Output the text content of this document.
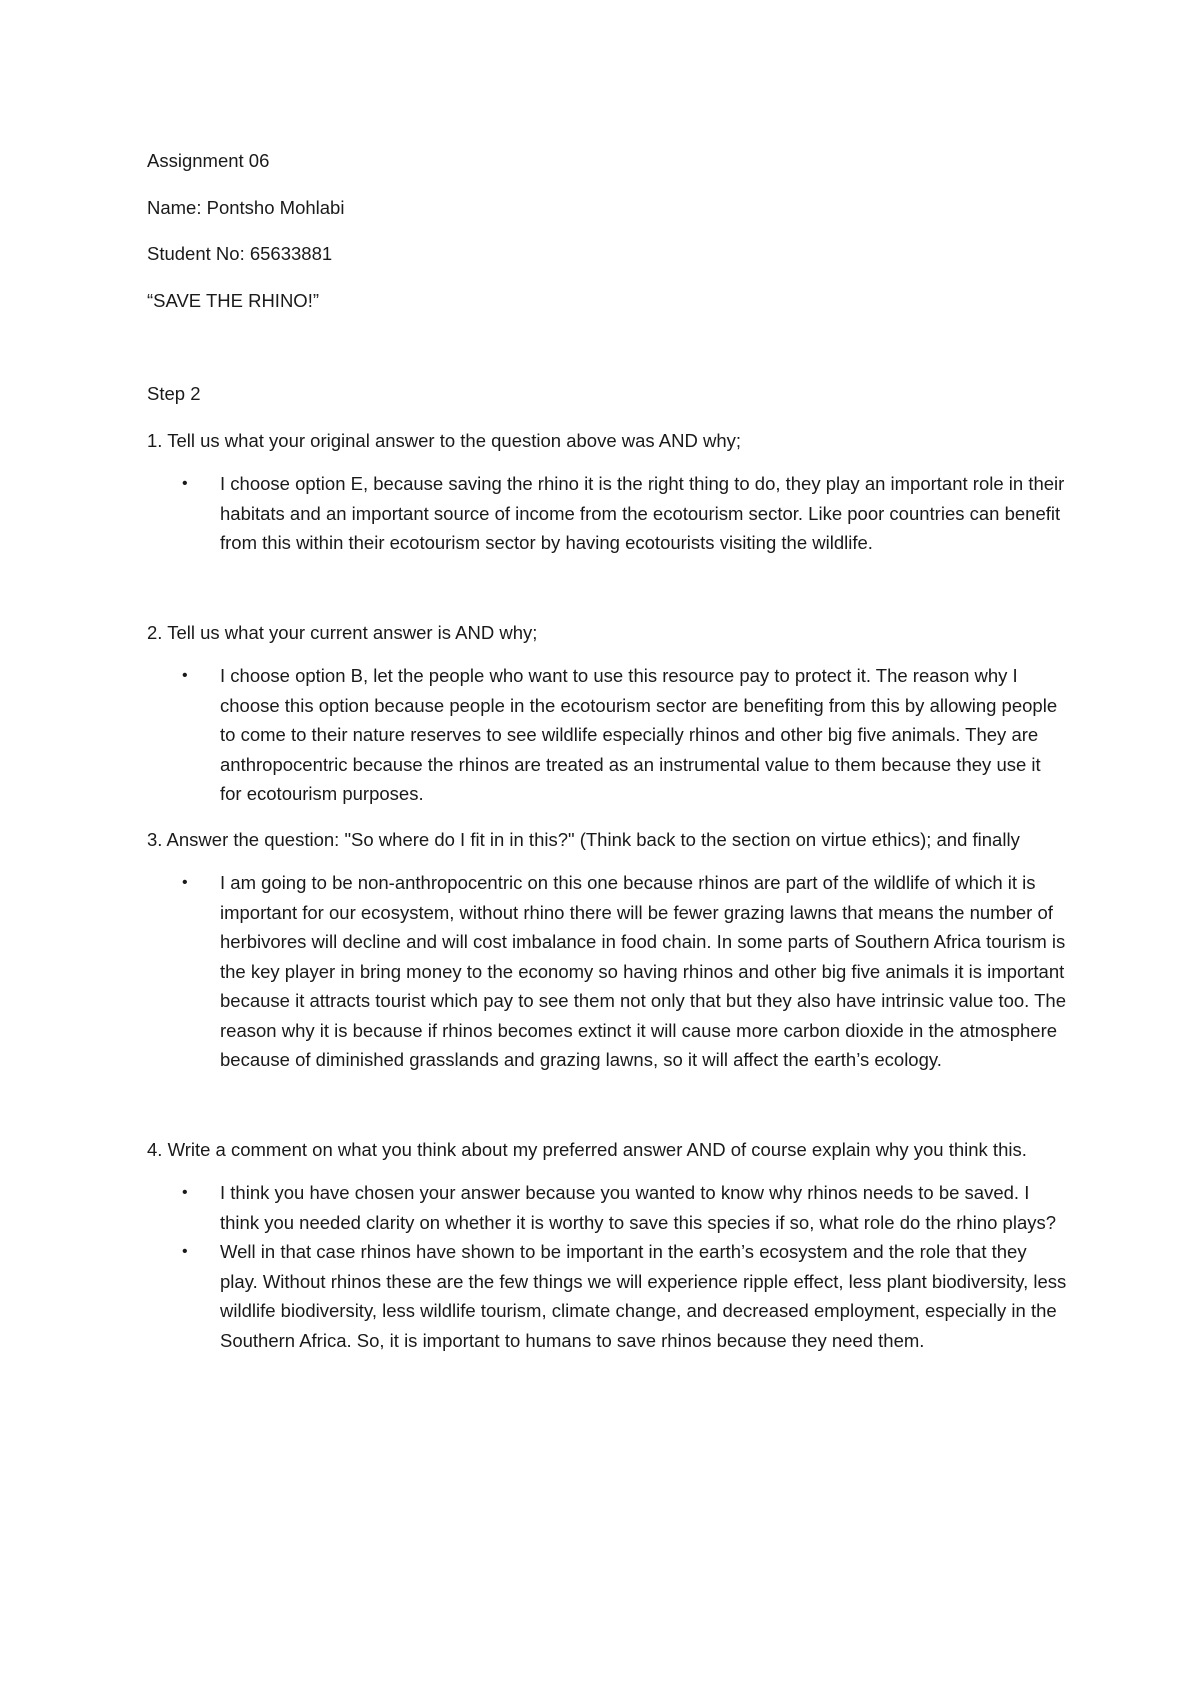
Assignment 06

Name: Pontsho Mohlabi

Student No: 65633881

“SAVE THE RHINO!”

Step 2

1. Tell us what your original answer to the question above was AND why;

• I choose option E, because saving the rhino it is the right thing to do, they play an important role in their habitats and an important source of income from the ecotourism sector. Like poor countries can benefit from this within their ecotourism sector by having ecotourists visiting the wildlife.

2. Tell us what your current answer is AND why;

• I choose option B, let the people who want to use this resource pay to protect it. The reason why I choose this option because people in the ecotourism sector are benefiting from this by allowing people to come to their nature reserves to see wildlife especially rhinos and other big five animals. They are anthropocentric because the rhinos are treated as an instrumental value to them because they use it for ecotourism purposes.

3. Answer the question: "So where do I fit in in this?" (Think back to the section on virtue ethics); and finally

• I am going to be non-anthropocentric on this one because rhinos are part of the wildlife of which it is important for our ecosystem, without rhino there will be fewer grazing lawns that means the number of herbivores will decline and will cost imbalance in food chain. In some parts of Southern Africa tourism is the key player in bring money to the economy so having rhinos and other big five animals it is important because it attracts tourist which pay to see them not only that but they also have intrinsic value too. The reason why it is because if rhinos becomes extinct it will cause more carbon dioxide in the atmosphere because of diminished grasslands and grazing lawns, so it will affect the earth’s ecology.

4. Write a comment on what you think about my preferred answer AND of course explain why you think this.

• I think you have chosen your answer because you wanted to know why rhinos needs to be saved. I think you needed clarity on whether it is worthy to save this species if so, what role do the rhino plays?
• Well in that case rhinos have shown to be important in the earth’s ecosystem and the role that they play. Without rhinos these are the few things we will experience ripple effect, less plant biodiversity, less wildlife biodiversity, less wildlife tourism, climate change, and decreased employment, especially in the Southern Africa. So, it is important to humans to save rhinos because they need them.
